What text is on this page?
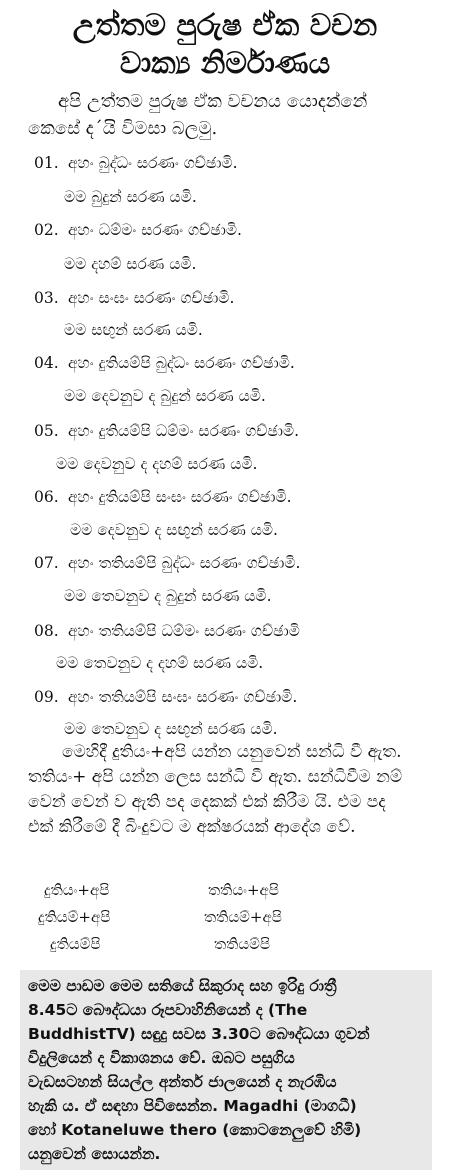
උත්තම පුරුෂ ඒක වචන
වාක්‍ය නිර්මාණය
අපි උත්තම පුරුෂ ඒක වචනය යොදන්නේ
කෙසේ ද´යි විමසා බලමු.
01. අහං බුද්ධං සරණං ගච්ඡාමි.
මම බුදුන් සරණ යමි.
02. අහං ධම්මං සරණං ගච්ඡාමි.
මම දහම් සරණ යමි.
03. අහං සංඝං සරණං ගච්ඡාමි.
මම සඟුන් සරණ යමි.
04. අහං දුතියම්පි බුද්ධං සරණං ගච්ඡාමි.
මම දෙවනුව ද බුදුන් සරණ යමි.
05. අහං දුතියම්පි ධම්මං සරණං ගච්ඡාමි.
මම දෙවනුව ද දහම් සරණ යමි.
06. අහං දුතියම්පි සංඝං සරණං ගච්ඡාමි.
මම දෙවනුව ද සඟුන් සරණ යමි.
07. අහං තතියම්පි බුද්ධං සරණං ගච්ඡාමි.
මම තෙවනුව ද බුදුන් සරණ යමි.
08. අහං තතියම්පි ධම්මං සරණං ගච්ඡාමි
මම තෙවනුව ද දහම් සරණ යමි.
09. අහං තතියම්පි සංඝං සරණං ගච්ඡාමි.
මම තෙවනුව ද සඟුන් සරණ යමි.
මෙහිදී දුතියං+අපි යන්න යනුවෙන් සන්ධි වී ඇත.
තතියං+ අපි යන්න ලෙස සන්ධි වී ඇත. සන්ධිවීම නම්
වෙන් වෙන් ව ඇති පද දෙකක් එක් කිරීම යි. එම පද
එක් කිරීමේ දී බිංදුවට ම අක්ෂරයක් ආදේශ වේ.
දුතියං+අපි
දුතියම්+අපි
දුතියම්පි
තතියං+අපි
තතියම්+අපි
තතියම්පි
මෙම පාඩම මෙම සතියේ සිකුරාද සහ ඉරිදු රාත්‍රී
8.45ට බෞද්ධයා රූපවාහිනියෙන් ද (The
BuddhistTV) සඳුදු සවස 3.30ට බෞද්ධයා ගුවන්
විදුලියෙන් ද විකාශනය වේ. ඔබට පසුගිය
වැඩසටහන් සියල්ල අන්තර් ජාලයෙන් ද නැරඹිය
හැකි ය. ඒ සඳහා පිවිසෙන්න. Magadhi (මාගධී)
හෝ Kotaneluwe thero (කොටනෙලුවේ හිමි)
යනුවෙන් සොයන්න.
